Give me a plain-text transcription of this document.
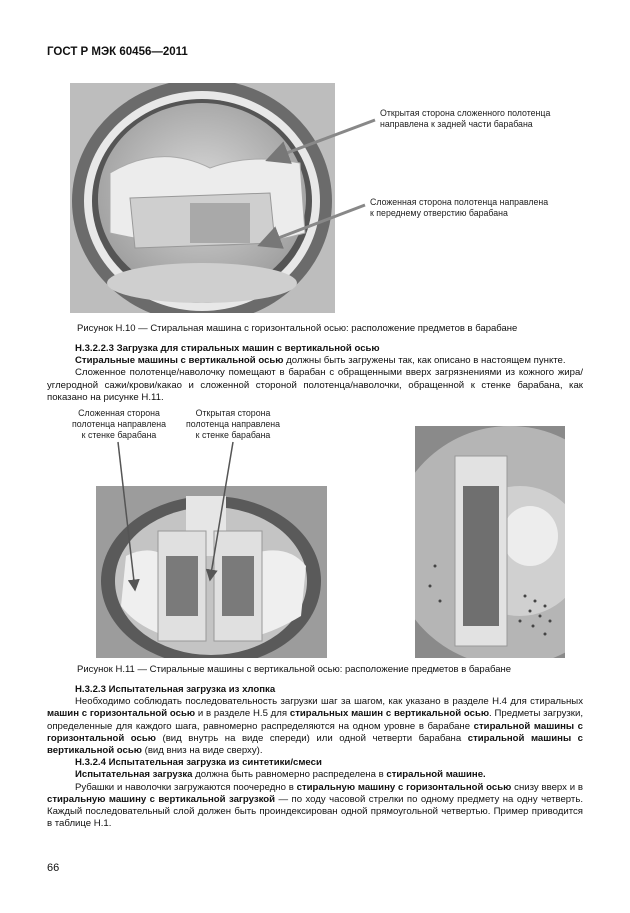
ГОСТ Р МЭК 60456—2011
Открытая сторона сложенного полотенца
направлена к задней части барабана
Сложенная сторона полотенца направлена
к переднему отверстию барабана
Рисунок Н.10 — Стиральная машина с горизонтальной осью: расположение предметов в барабане

Н.3.2.2.3 Загрузка для стиральных машин с вертикальной осью

Стиральные машины с вертикальной осью должны быть загружены так, как описано в настоящем пункте.

Сложенное полотенце/наволочку помещают в барабан с обращенными вверх загрязнениями из кожного жира/углеродной сажи/крови/какао и сложенной стороной полотенца/наволочки, обращенной к стенке барабана, как показано на рисунке Н.11.

Сложенная сторона
полотенца направлена
к стенке барабана
Открытая сторона
полотенца направлена
к стенке барабана
Рисунок Н.11 — Стиральные машины с вертикальной осью: расположение предметов в барабане

Н.3.2.3 Испытательная загрузка из хлопка

Необходимо соблюдать последовательность загрузки шаг за шагом, как указано в разделе Н.4 для стиральных машин с горизонтальной осью и в разделе Н.5 для стиральных машин с вертикальной осью. Предметы загрузки, определенные для каждого шага, равномерно распределяются на одном уровне в барабане стиральной машины с горизонтальной осью (вид внутрь на виде спереди) или одной четверти барабана стиральной машины с вертикальной осью (вид вниз на виде сверху).

Н.3.2.4 Испытательная загрузка из синтетики/смеси

Испытательная загрузка должна быть равномерно распределена в стиральной машине.

Рубашки и наволочки загружаются поочередно в стиральную машину с горизонтальной осью снизу вверх и в стиральную машину с вертикальной загрузкой — по ходу часовой стрелки по одному предмету на одну четверть. Каждый последовательный слой должен быть проиндексирован одной прямоугольной четвертью. Пример приводится в таблице Н.1.

66
